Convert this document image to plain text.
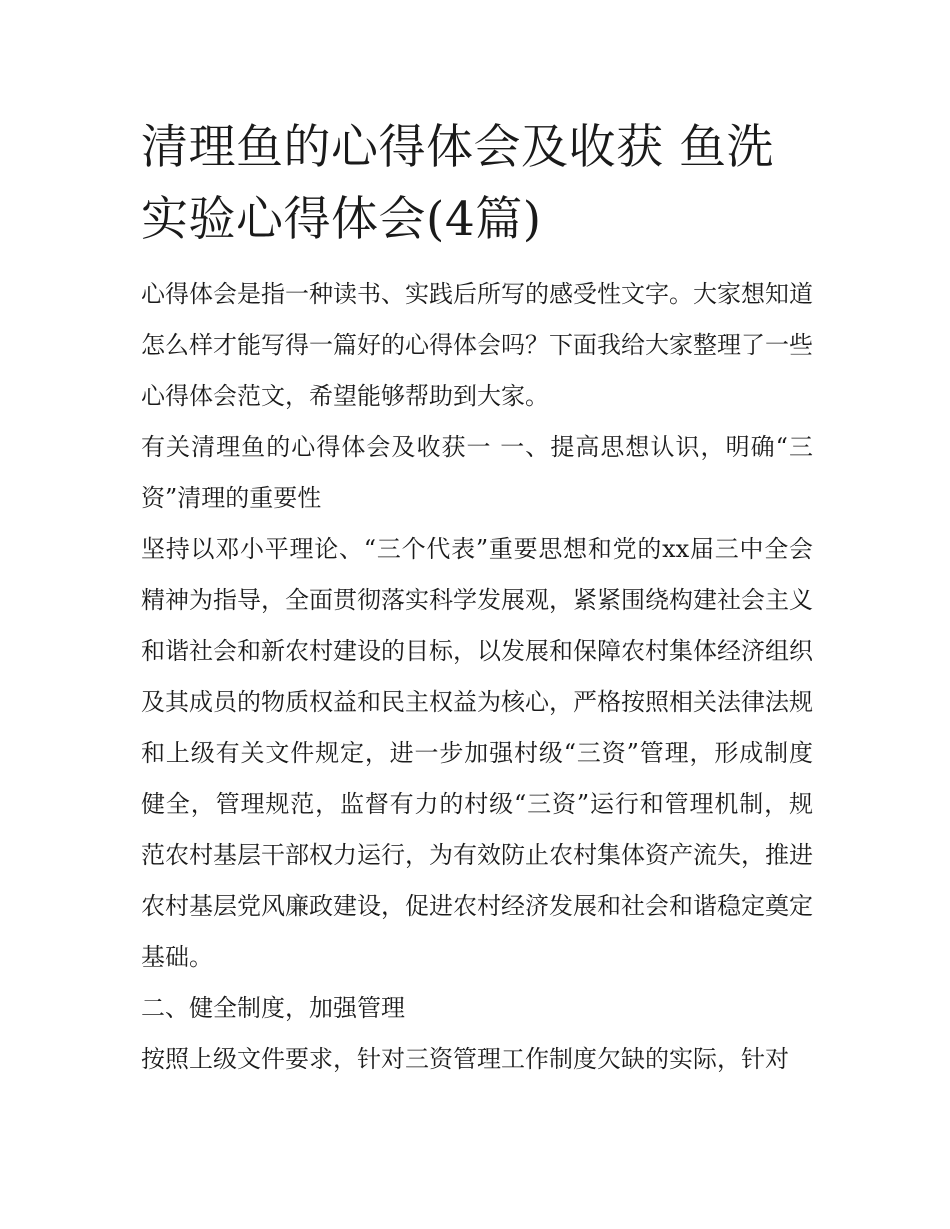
清理鱼的心得体会及收获 鱼洗实验心得体会(4篇)

心得体会是指一种读书、实践后所写的感受性文字。大家想知道怎么样才能写得一篇好的心得体会吗？下面我给大家整理了一些心得体会范文，希望能够帮助到大家。

有关清理鱼的心得体会及收获一 一、提高思想认识，明确“三资”清理的重要性

坚持以邓小平理论、“三个代表”重要思想和党的xx届三中全会精神为指导，全面贯彻落实科学发展观，紧紧围绕构建社会主义和谐社会和新农村建设的目标，以发展和保障农村集体经济组织及其成员的物质权益和民主权益为核心，严格按照相关法律法规和上级有关文件规定，进一步加强村级“三资”管理，形成制度健全，管理规范，监督有力的村级“三资”运行和管理机制，规范农村基层干部权力运行，为有效防止农村集体资产流失，推进农村基层党风廉政建设，促进农村经济发展和社会和谐稳定奠定基础。

二、健全制度，加强管理

按照上级文件要求，针对三资管理工作制度欠缺的实际，针对
